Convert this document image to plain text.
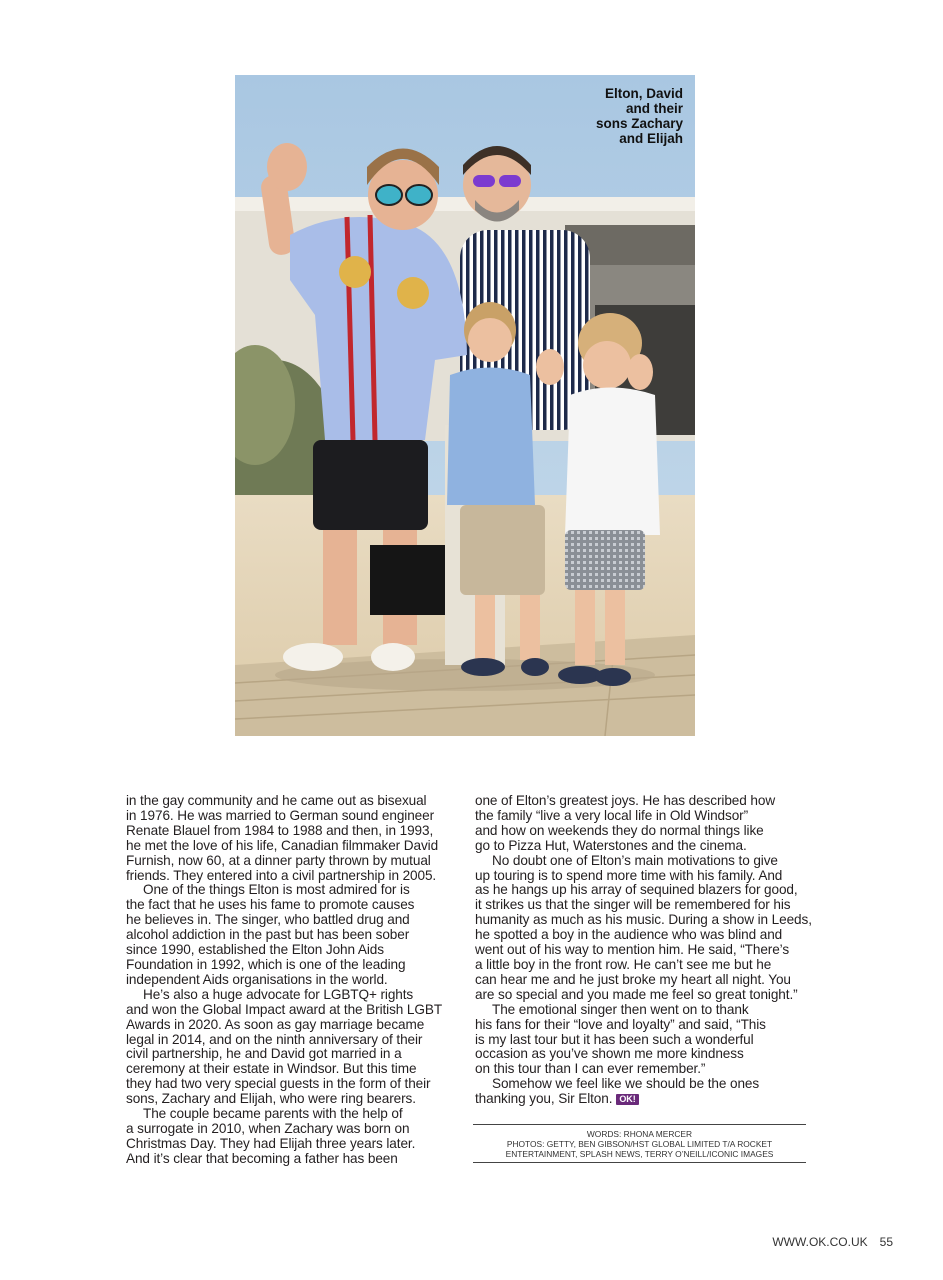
Elton, David
and their
sons Zachary
and Elijah
in the gay community and he came out as bisexual
in 1976. He was married to German sound engineer
Renate Blauel from 1984 to 1988 and then, in 1993,
he met the love of his life, Canadian filmmaker David
Furnish, now 60, at a dinner party thrown by mutual
friends. They entered into a civil partnership in 2005.
One of the things Elton is most admired for is
the fact that he uses his fame to promote causes
he believes in. The singer, who battled drug and
alcohol addiction in the past but has been sober
since 1990, established the Elton John Aids
Foundation in 1992, which is one of the leading
independent Aids organisations in the world.
He’s also a huge advocate for LGBTQ+ rights
and won the Global Impact award at the British LGBT
Awards in 2020. As soon as gay marriage became
legal in 2014, and on the ninth anniversary of their
civil partnership, he and David got married in a
ceremony at their estate in Windsor. But this time
they had two very special guests in the form of their
sons, Zachary and Elijah, who were ring bearers.
The couple became parents with the help of
a surrogate in 2010, when Zachary was born on
Christmas Day. They had Elijah three years later.
And it’s clear that becoming a father has been
one of Elton’s greatest joys. He has described how
the family “live a very local life in Old Windsor”
and how on weekends they do normal things like
go to Pizza Hut, Waterstones and the cinema.
No doubt one of Elton’s main motivations to give
up touring is to spend more time with his family. And
as he hangs up his array of sequined blazers for good,
it strikes us that the singer will be remembered for his
humanity as much as his music. During a show in Leeds,
he spotted a boy in the audience who was blind and
went out of his way to mention him. He said, “There’s
a little boy in the front row. He can’t see me but he
can hear me and he just broke my heart all night. You
are so special and you made me feel so great tonight.”
The emotional singer then went on to thank
his fans for their “love and loyalty” and said, “This
is my last tour but it has been such a wonderful
occasion as you’ve shown me more kindness
on this tour than I can ever remember.”
Somehow we feel like we should be the ones
thanking you, Sir Elton. OK!
WORDS: RHONA MERCER
PHOTOS: GETTY, BEN GIBSON/HST GLOBAL LIMITED T/A ROCKET
ENTERTAINMENT, SPLASH NEWS, TERRY O’NEILL/ICONIC IMAGES
WWW.OK.CO.UK 55
